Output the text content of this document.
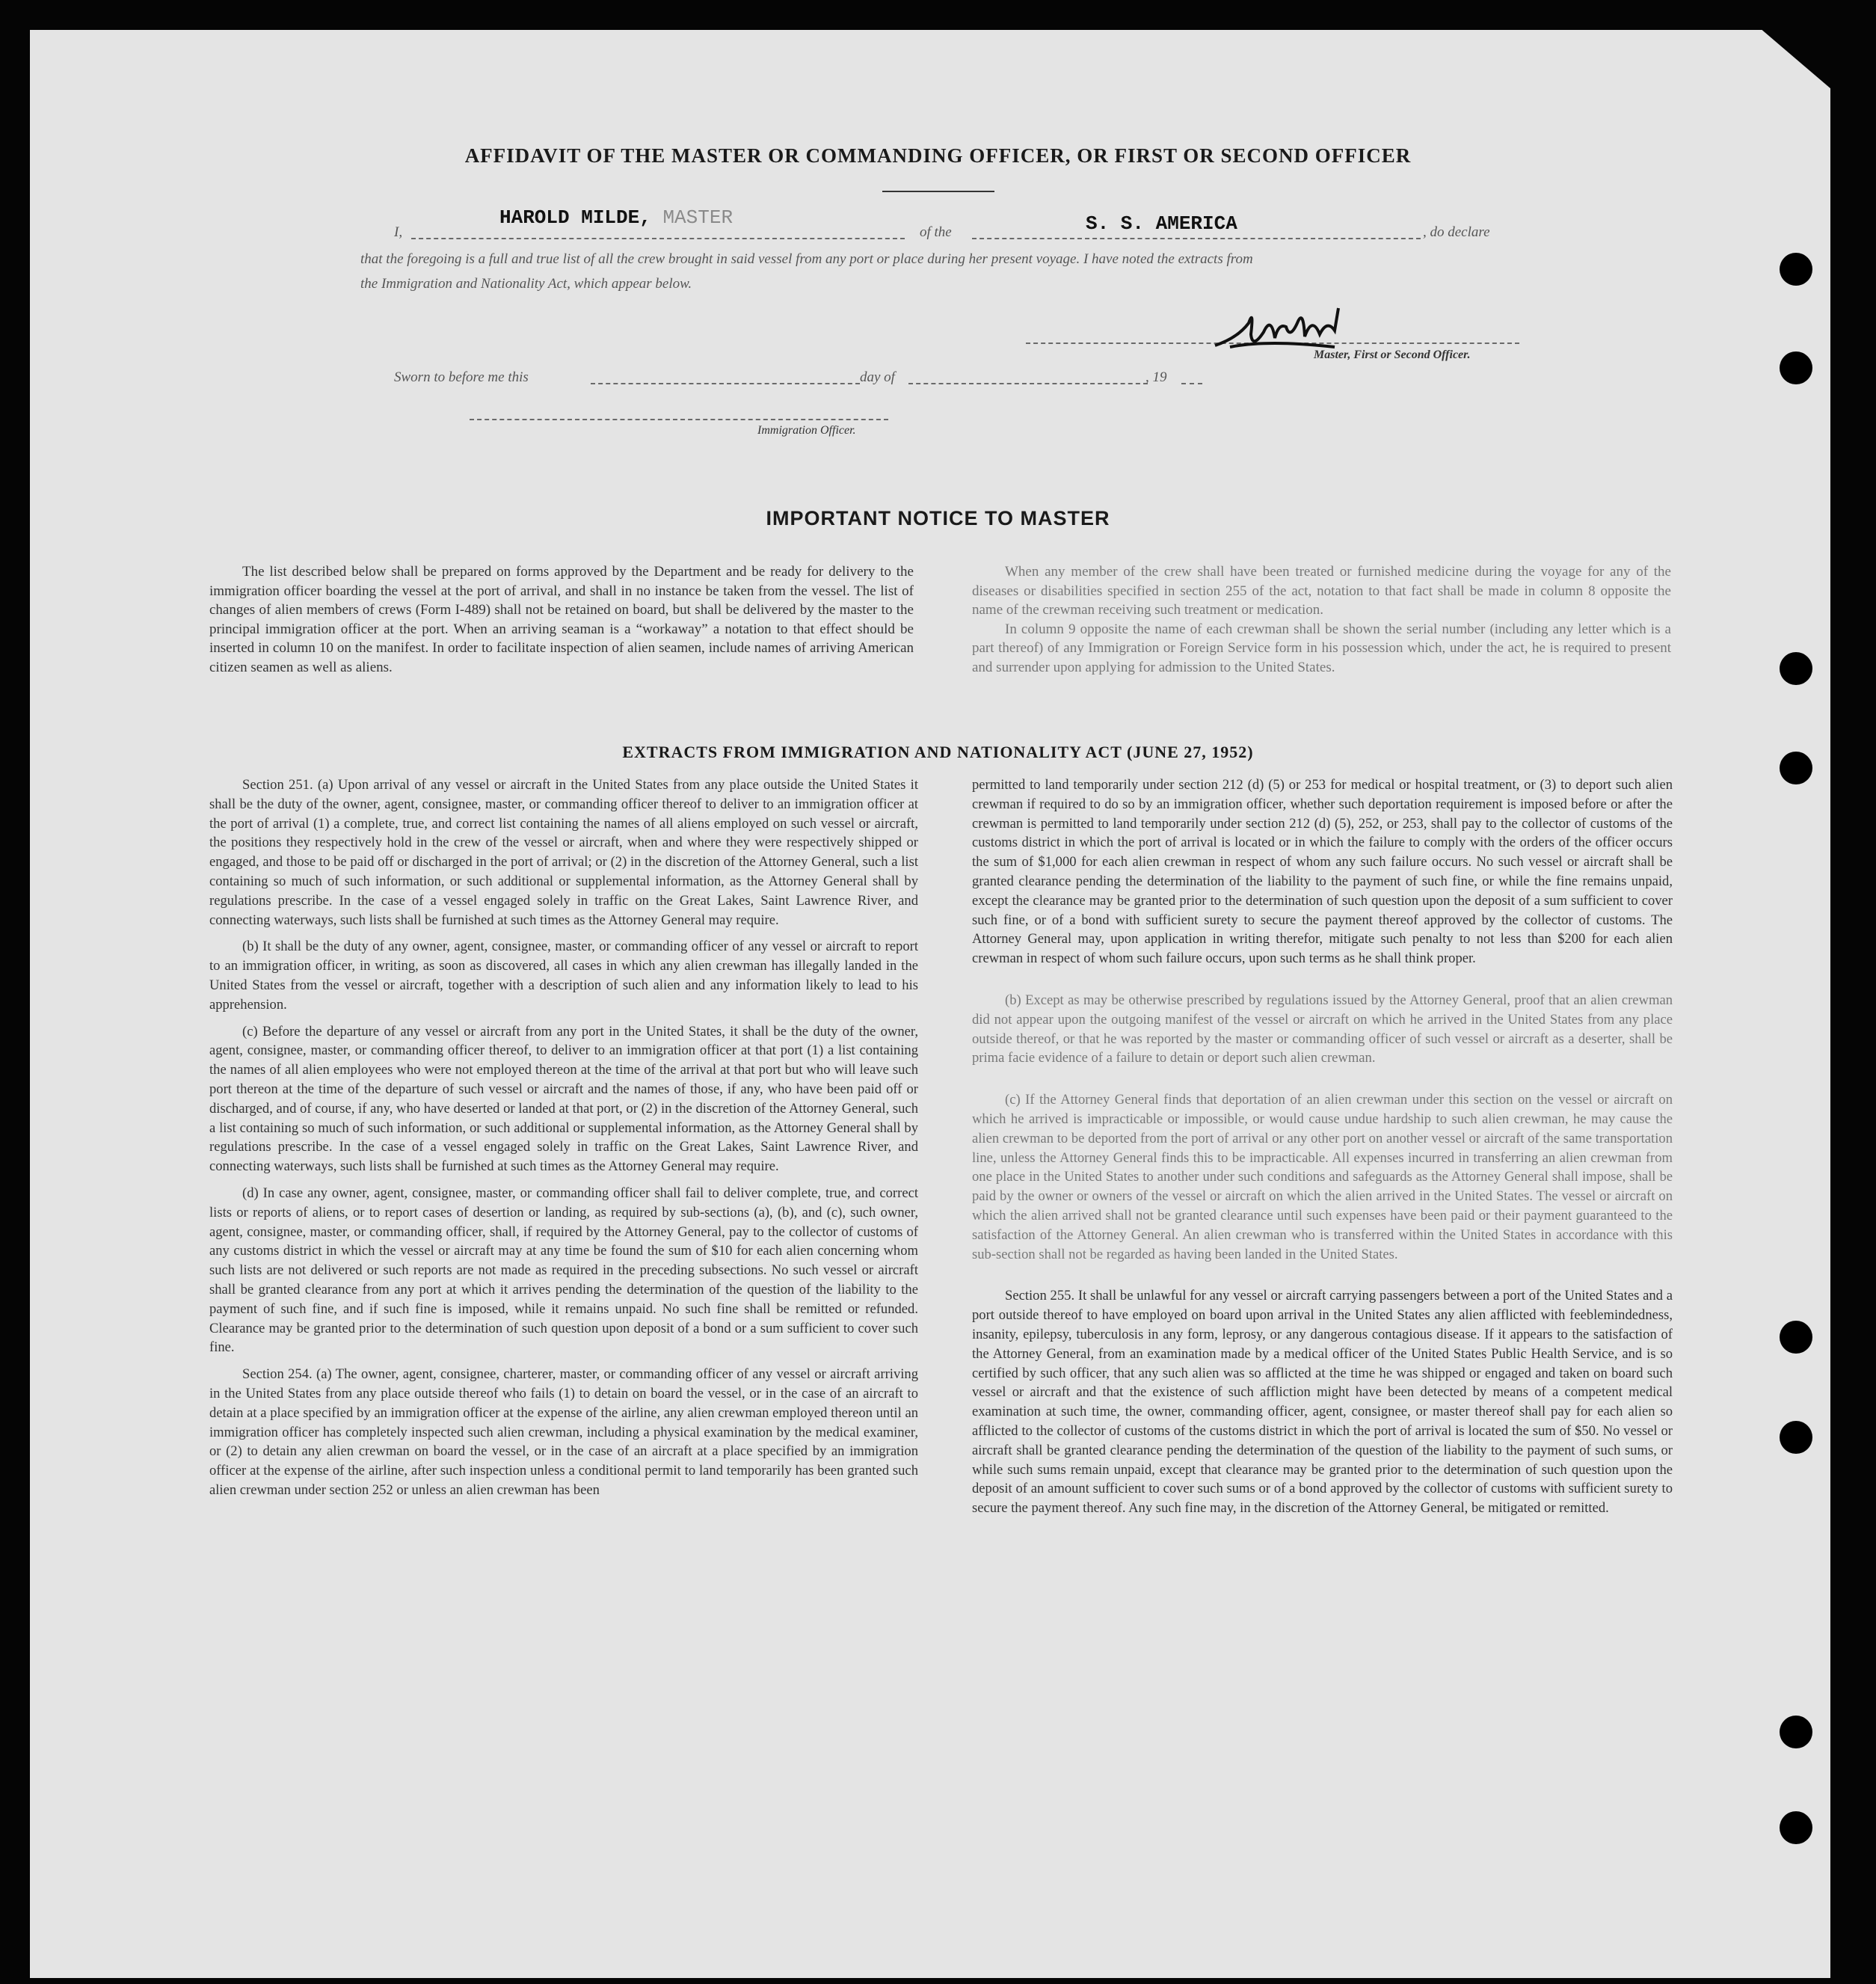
AFFIDAVIT OF THE MASTER OR COMMANDING OFFICER, OR FIRST OR SECOND OFFICER
I,
HAROLD MILDE, MASTER
of the	S. S. AMERICA	, do declare
that the foregoing is a full and true list of all the crew brought in said vessel from any port or place during her present voyage. I have noted the extracts from
the Immigration and Nationality Act, which appear below.
Master, First or Second Officer.
Sworn to before me this	day of	, 19
Immigration Officer.
IMPORTANT NOTICE TO MASTER

The list described below shall be prepared on forms approved by the Department and be ready for delivery to the immigration officer boarding the vessel at the port of arrival, and shall in no instance be taken from the vessel. The list of changes of alien members of crews (Form I-489) shall not be retained on board, but shall be delivered by the master to the principal immigration officer at the port. When an arriving seaman is a “workaway” a notation to that effect should be inserted in column 10 on the manifest. In order to facilitate inspection of alien seamen, include names of arriving American citizen seamen as well as aliens.

When any member of the crew shall have been treated or furnished medicine during the voyage for any of the diseases or disabilities specified in section 255 of the act, notation to that fact shall be made in column 8 opposite the name of the crewman receiving such treatment or medication.

In column 9 opposite the name of each crewman shall be shown the serial number (including any letter which is a part thereof) of any Immigration or Foreign Service form in his possession which, under the act, he is required to present and surrender upon applying for admission to the United States.

EXTRACTS FROM IMMIGRATION AND NATIONALITY ACT (JUNE 27, 1952)

Section 251. (a) Upon arrival of any vessel or aircraft in the United States from any place outside the United States it shall be the duty of the owner, agent, consignee, master, or commanding officer thereof to deliver to an immigration officer at the port of arrival (1) a complete, true, and correct list containing the names of all aliens employed on such vessel or aircraft, the positions they respectively hold in the crew of the vessel or aircraft, when and where they were respectively shipped or engaged, and those to be paid off or discharged in the port of arrival; or (2) in the discretion of the Attorney General, such a list containing so much of such information, or such additional or supplemental information, as the Attorney General shall by regulations prescribe. In the case of a vessel engaged solely in traffic on the Great Lakes, Saint Lawrence River, and connecting waterways, such lists shall be furnished at such times as the Attorney General may require.

(b) It shall be the duty of any owner, agent, consignee, master, or commanding officer of any vessel or aircraft to report to an immigration officer, in writing, as soon as discovered, all cases in which any alien crewman has illegally landed in the United States from the vessel or aircraft, together with a description of such alien and any information likely to lead to his apprehension.

(c) Before the departure of any vessel or aircraft from any port in the United States, it shall be the duty of the owner, agent, consignee, master, or commanding officer thereof, to deliver to an immigration officer at that port (1) a list containing the names of all alien employees who were not employed thereon at the time of the arrival at that port but who will leave such port thereon at the time of the departure of such vessel or aircraft and the names of those, if any, who have been paid off or discharged, and of course, if any, who have deserted or landed at that port, or (2) in the discretion of the Attorney General, such a list containing so much of such information, or such additional or supplemental information, as the Attorney General shall by regulations prescribe. In the case of a vessel engaged solely in traffic on the Great Lakes, Saint Lawrence River, and connecting waterways, such lists shall be furnished at such times as the Attorney General may require.

(d) In case any owner, agent, consignee, master, or commanding officer shall fail to deliver complete, true, and correct lists or reports of aliens, or to report cases of desertion or landing, as required by sub-sections (a), (b), and (c), such owner, agent, consignee, master, or commanding officer, shall, if required by the Attorney General, pay to the collector of customs of any customs district in which the vessel or aircraft may at any time be found the sum of $10 for each alien concerning whom such lists are not delivered or such reports are not made as required in the preceding subsections. No such vessel or aircraft shall be granted clearance from any port at which it arrives pending the determination of the question of the liability to the payment of such fine, and if such fine is imposed, while it remains unpaid. No such fine shall be remitted or refunded. Clearance may be granted prior to the determination of such question upon deposit of a bond or a sum sufficient to cover such fine.

Section 254. (a) The owner, agent, consignee, charterer, master, or commanding officer of any vessel or aircraft arriving in the United States from any place outside thereof who fails (1) to detain on board the vessel, or in the case of an aircraft to detain at a place specified by an immigration officer at the expense of the airline, any alien crewman employed thereon until an immigration officer has completely inspected such alien crewman, including a physical examination by the medical examiner, or (2) to detain any alien crewman on board the vessel, or in the case of an aircraft at a place specified by an immigration officer at the expense of the airline, after such inspection unless a conditional permit to land temporarily has been granted such alien crewman under section 252 or unless an alien crewman has been

permitted to land temporarily under section 212 (d) (5) or 253 for medical or hospital treatment, or (3) to deport such alien crewman if required to do so by an immigration officer, whether such deportation requirement is imposed before or after the crewman is permitted to land temporarily under section 212 (d) (5), 252, or 253, shall pay to the collector of customs of the customs district in which the port of arrival is located or in which the failure to comply with the orders of the officer occurs the sum of $1,000 for each alien crewman in respect of whom any such failure occurs. No such vessel or aircraft shall be granted clearance pending the determination of the liability to the payment of such fine, or while the fine remains unpaid, except the clearance may be granted prior to the determination of such question upon the deposit of a sum sufficient to cover such fine, or of a bond with sufficient surety to secure the payment thereof approved by the collector of customs. The Attorney General may, upon application in writing therefor, mitigate such penalty to not less than $200 for each alien crewman in respect of whom such failure occurs, upon such terms as he shall think proper.

(b) Except as may be otherwise prescribed by regulations issued by the Attorney General, proof that an alien crewman did not appear upon the outgoing manifest of the vessel or aircraft on which he arrived in the United States from any place outside thereof, or that he was reported by the master or commanding officer of such vessel or aircraft as a deserter, shall be prima facie evidence of a failure to detain or deport such alien crewman.

(c) If the Attorney General finds that deportation of an alien crewman under this section on the vessel or aircraft on which he arrived is impracticable or impossible, or would cause undue hardship to such alien crewman, he may cause the alien crewman to be deported from the port of arrival or any other port on another vessel or aircraft of the same transportation line, unless the Attorney General finds this to be impracticable. All expenses incurred in transferring an alien crewman from one place in the United States to another under such conditions and safeguards as the Attorney General shall impose, shall be paid by the owner or owners of the vessel or aircraft on which the alien arrived in the United States. The vessel or aircraft on which the alien arrived shall not be granted clearance until such expenses have been paid or their payment guaranteed to the satisfaction of the Attorney General. An alien crewman who is transferred within the United States in accordance with this sub-section shall not be regarded as having been landed in the United States.

Section 255. It shall be unlawful for any vessel or aircraft carrying passengers between a port of the United States and a port outside thereof to have employed on board upon arrival in the United States any alien afflicted with feeblemindedness, insanity, epilepsy, tuberculosis in any form, leprosy, or any dangerous contagious disease. If it appears to the satisfaction of the Attorney General, from an examination made by a medical officer of the United States Public Health Service, and is so certified by such officer, that any such alien was so afflicted at the time he was shipped or engaged and taken on board such vessel or aircraft and that the existence of such affliction might have been detected by means of a competent medical examination at such time, the owner, commanding officer, agent, consignee, or master thereof shall pay for each alien so afflicted to the collector of customs of the customs district in which the port of arrival is located the sum of $50. No vessel or aircraft shall be granted clearance pending the determination of the question of the liability to the payment of such sums, or while such sums remain unpaid, except that clearance may be granted prior to the determination of such question upon the deposit of an amount sufficient to cover such sums or of a bond approved by the collector of customs with sufficient surety to secure the payment thereof. Any such fine may, in the discretion of the Attorney General, be mitigated or remitted.
